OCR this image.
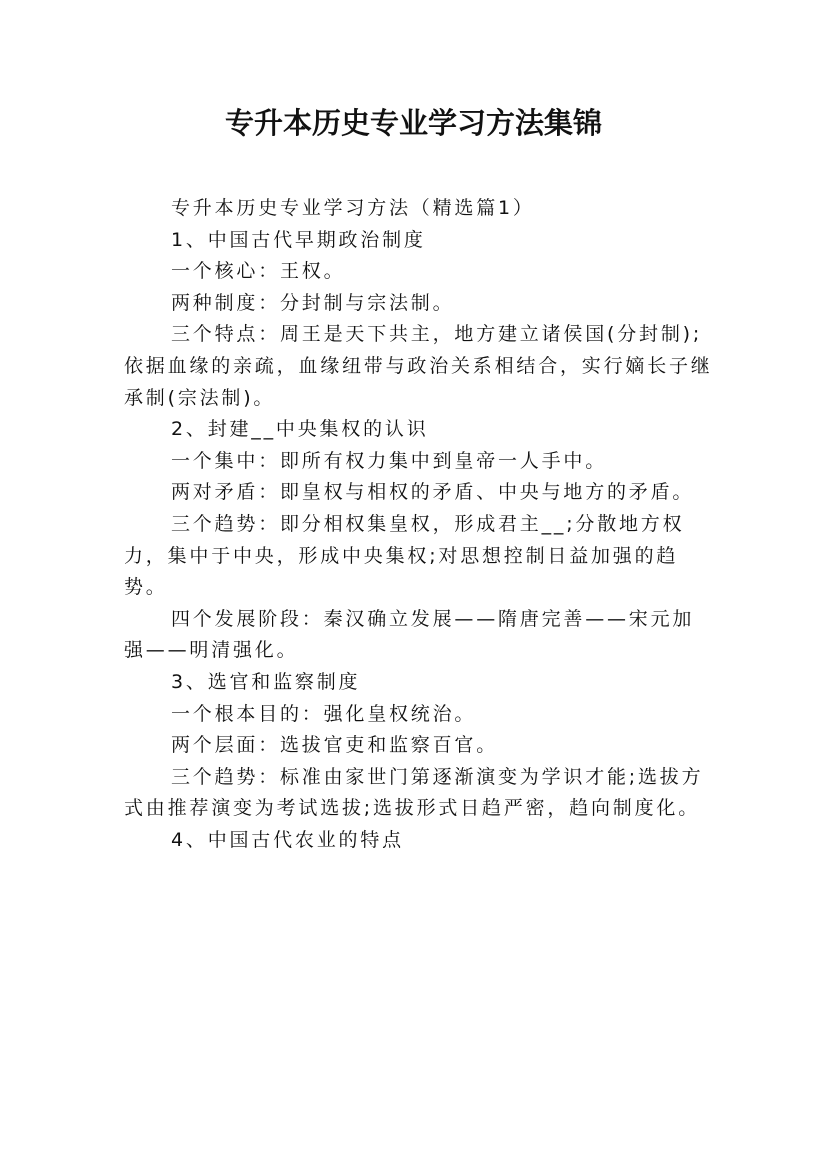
专升本历史专业学习方法集锦

专升本历史专业学习方法（精选篇1）

1、中国古代早期政治制度

一个核心：王权。

两种制度：分封制与宗法制。

三个特点：周王是天下共主，地方建立诸侯国(分封制);依据血缘的亲疏，血缘纽带与政治关系相结合，实行嫡长子继承制(宗法制)。

2、封建__中央集权的认识

一个集中：即所有权力集中到皇帝一人手中。

两对矛盾：即皇权与相权的矛盾、中央与地方的矛盾。

三个趋势：即分相权集皇权，形成君主__;分散地方权力，集中于中央，形成中央集权;对思想控制日益加强的趋势。

四个发展阶段：秦汉确立发展——隋唐完善——宋元加强——明清强化。

3、选官和监察制度

一个根本目的：强化皇权统治。

两个层面：选拔官吏和监察百官。

三个趋势：标准由家世门第逐渐演变为学识才能;选拔方式由推荐演变为考试选拔;选拔形式日趋严密，趋向制度化。

4、中国古代农业的特点
